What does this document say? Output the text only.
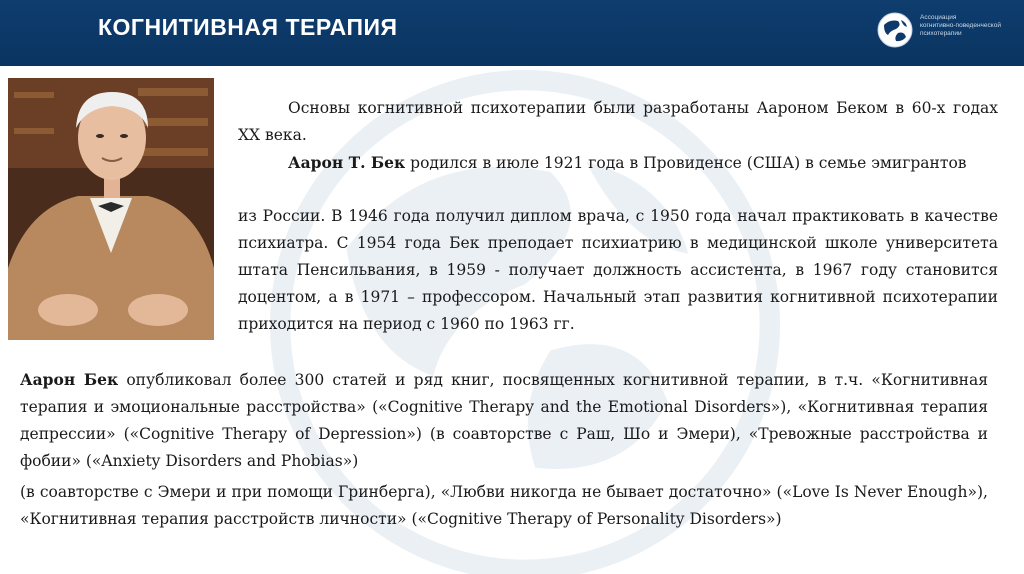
КОГНИТИВНАЯ ТЕРАПИЯ	Ассоциация
когнитивно-поведенческой
психотерапии
Основы когнитивной психотерапии были разработаны Аароном Беком в 60-х годах XX века.
Аарон Т. Бек родился в июле 1921 года в Провиденсе (США) в семье эмигрантов
из России. В 1946 года получил диплом врача, с 1950 года начал практиковать в качестве психиатра. С 1954 года Бек преподает психиатрию в медицинской школе университета штата Пенсильвания, в 1959 - получает должность ассистента, в 1967 году становится доцентом, а в 1971 – профессором. Начальный этап развития когнитивной психотерапии приходится на период с 1960 по 1963 гг.
Аарон Бек опубликовал более 300 статей и ряд книг, посвященных когнитивной терапии, в т.ч. «Когнитивная терапия и эмоциональные расстройства» («Cognitive Therapy and the Emotional Disorders»), «Когнитивная терапия депрессии» («Cognitive Therapy of Depression») (в соавторстве с Раш, Шо и Эмери), «Тревожные расстройства и фобии» («Anxiety Disorders and Phobias»)
(в соавторстве с Эмери и при помощи Гринберга), «Любви никогда не бывает достаточно» («Love Is Never Enough»), «Когнитивная терапия расстройств личности» («Cognitive Therapy of Personality Disorders»)
